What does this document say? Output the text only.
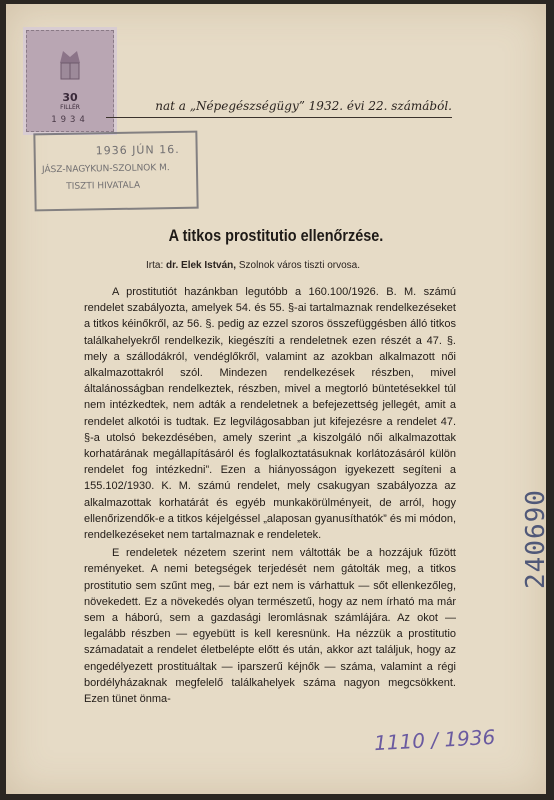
30
FILLÉR
1934
nat a „Népegészségügy” 1932. évi 22. számából.
1936 JÚN 16.
JÁSZ-NAGYKUN-SZOLNOK M.
TISZTI HIVATALA
A titkos prostitutio ellenőrzése.
Irta: dr. Elek István, Szolnok város tiszti orvosa.

A prostitutiót hazánkban legutóbb a 160.100/1926. B. M. számú rendelet szabályozta, amelyek 54. és 55. §-ai tartalmaznak rendelkezéseket a titkos kéinőkről, az 56. §. pedig az ezzel szoros összefüggésben álló titkos találkahelyekről rendelkezik, kiegészíti a rendeletnek ezen részét a 47. §. mely a szállodákról, vendéglőkről, valamint az azokban alkalmazott női alkalmazottakról szól. Mindezen rendelkezések részben, mivel általánosságban rendelkeztek, részben, mivel a megtorló büntetésekkel túl nem intézkedtek, nem adták a rendeletnek a befejezettség jellegét, amit a rendelet alkotói is tudtak. Ez legvilágosabban jut kifejezésre a rendelet 47. §-a utolsó bekezdésében, amely szerint „a kiszolgáló női alkalmazottak korhatárának megállapításáról és foglalkoztatásuknak korlátozásáról külön rendelet fog intézkedni”. Ezen a hiányosságon igyekezett segíteni a 155.102/1930. K. M. számú rendelet, mely csakugyan szabályozza az alkalmazottak korhatárát és egyéb munkakörülményeit, de arról, hogy ellenőrizendők-e a titkos kéjelgéssel „alaposan gyanusíthatók” és mi módon, rendelkezéseket nem tartalmaznak e rendeletek.

E rendeletek nézetem szerint nem váltották be a hozzájuk fűzött reményeket. A nemi betegségek terjedését nem gátolták meg, a titkos prostitutio sem szűnt meg, — bár ezt nem is várhattuk — sőt ellenkezőleg, növekedett. Ez a növekedés olyan természetű, hogy az nem írható ma már sem a háború, sem a gazdasági leromlásnak számlájára. Az okot — legalább részben — egyebütt is kell keresnünk. Ha nézzük a prostitutio számadatait a rendelet életbelépte előtt és után, akkor azt találjuk, hogy az engedélyezett prostituáltak — iparszerű kéjnők — száma, valamint a régi bordélyházaknak megfelelő találkahelyek száma nagyon megcsökkent. Ezen tünet önma-

240690
1110 / 1936
